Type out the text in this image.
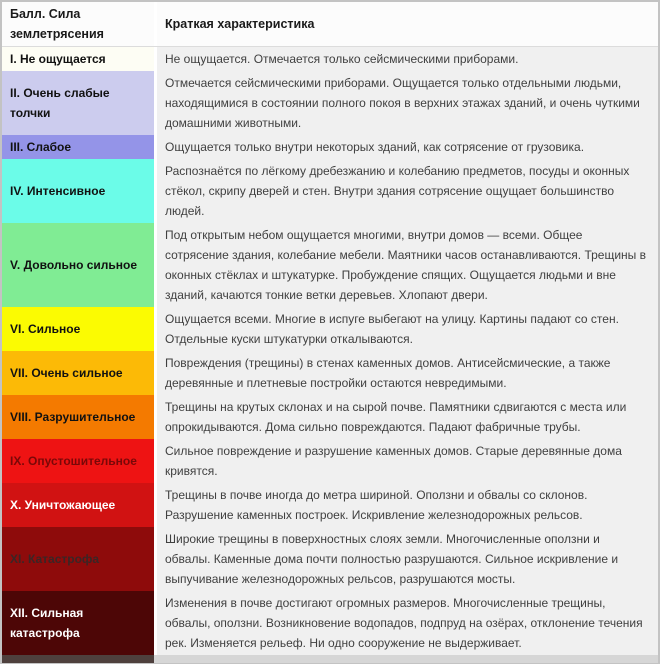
Балл. Сила землетрясения
Краткая характеристика
I. Не ощущается	Не ощущается. Отмечается только сейсмическими приборами.
II. Очень слабые толчки
Отмечается сейсмическими приборами. Ощущается только отдельными людьми, находящимися в состоянии полного покоя в верхних этажах зданий, и очень чуткими домашними животными.
III. Слабое	Ощущается только внутри некоторых зданий, как сотрясение от грузовика.
IV. Интенсивное
Распознаётся по лёгкому дребезжанию и колебанию предметов, посуды и оконных стёкол, скрипу дверей и стен. Внутри здания сотрясение ощущает большинство людей.
V. Довольно сильное
Под открытым небом ощущается многими, внутри домов — всеми. Общее сотрясение здания, колебание мебели. Маятники часов останавливаются. Трещины в оконных стёклах и штукатурке. Пробуждение спящих. Ощущается людьми и вне зданий, качаются тонкие ветки деревьев. Хлопают двери.
VI. Сильное
Ощущается всеми. Многие в испуге выбегают на улицу. Картины падают со стен. Отдельные куски штукатурки откалываются.
VII. Очень сильное
Повреждения (трещины) в стенах каменных домов. Антисейсмические, а также деревянные и плетневые постройки остаются невредимыми.
VIII. Разрушительное
Трещины на крутых склонах и на сырой почве. Памятники сдвигаются с места или опрокидываются. Дома сильно повреждаются. Падают фабричные трубы.
IX. Опустошительное
Сильное повреждение и разрушение каменных домов. Старые деревянные дома кривятся.
X. Уничтожающее
Трещины в почве иногда до метра шириной. Оползни и обвалы со склонов. Разрушение каменных построек. Искривление железнодорожных рельсов.
XI. Катастрофа
Широкие трещины в поверхностных слоях земли. Многочисленные оползни и обвалы. Каменные дома почти полностью разрушаются. Сильное искривление и выпучивание железнодорожных рельсов, разрушаются мосты.
XII. Сильная катастрофа
Изменения в почве достигают огромных размеров. Многочисленные трещины, обвалы, оползни. Возникновение водопадов, подпруд на озёрах, отклонение течения рек. Изменяется рельеф. Ни одно сооружение не выдерживает.
